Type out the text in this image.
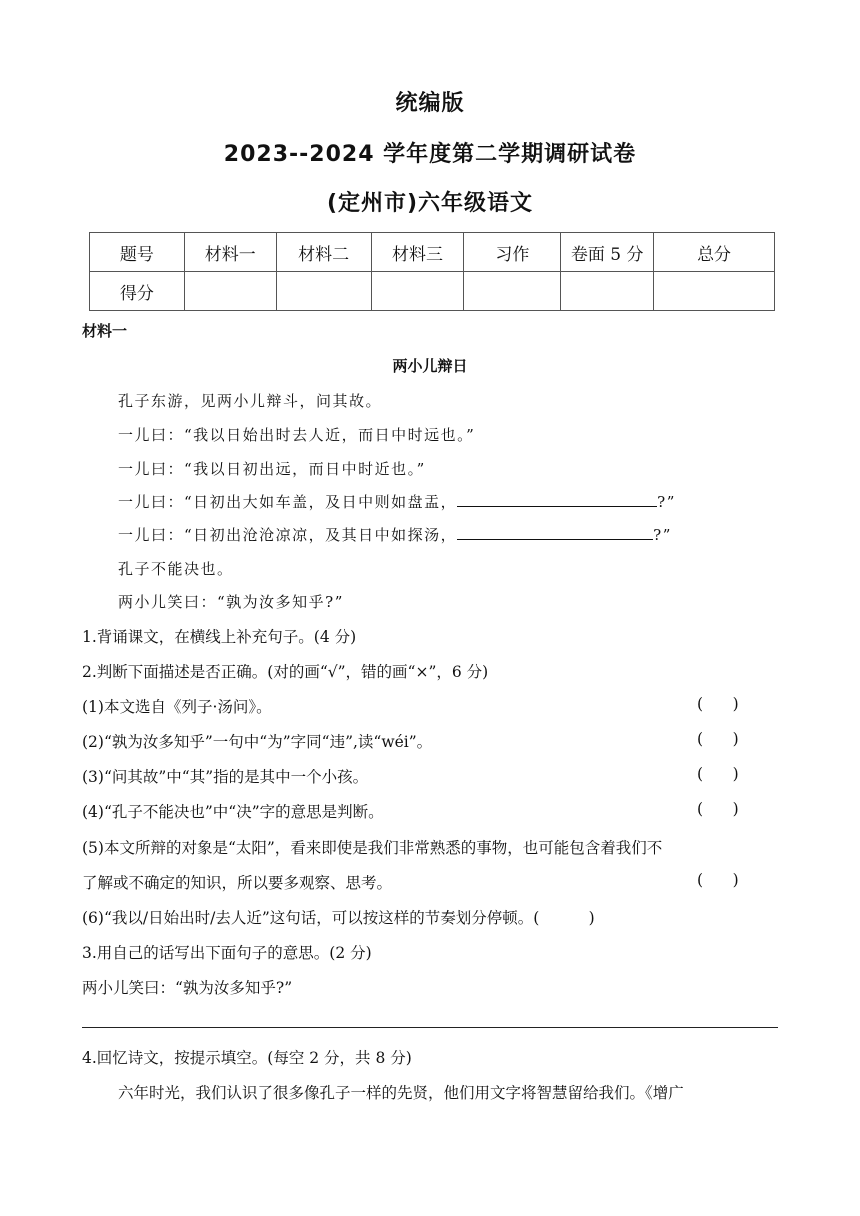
统编版
2023--2024 学年度第二学期调研试卷
(定州市)六年级语文
题号	材料一	材料二	材料三	习作	卷面 5 分	总分
得分						
材料一
两小儿辩日
孔子东游，见两小儿辩斗，问其故。
一儿曰：“我以日始出时去人近，而日中时远也。”
一儿曰：“我以日初出远，而日中时近也。”
一儿曰：“日初出大如车盖，及日中则如盘盂，	?”
一儿曰：“日初出沧沧凉凉，及其日中如探汤，	?”
孔子不能决也。
两小儿笑曰：“孰为汝多知乎?”
1.背诵课文，在横线上补充句子。(4 分)
2.判断下面描述是否正确。(对的画“√”，错的画“×”，6 分)
(1)本文选自《列子·汤问》。	( )
(2)“孰为汝多知乎”一句中“为”字同“违”,读“wéi”。	( )
(3)“问其故”中“其”指的是其中一个小孩。	( )
(4)“孔子不能决也”中“决”字的意思是判断。	( )
(5)本文所辩的对象是“太阳”，看来即使是我们非常熟悉的事物，也可能包含着我们不
了解或不确定的知识，所以要多观察、思考。	( )
(6)“我以/日始出时/去人近”这句话，可以按这样的节奏划分停顿。(	)
3.用自己的话写出下面句子的意思。(2 分)
两小儿笑曰：“孰为汝多知乎?”
4.回忆诗文，按提示填空。(每空 2 分，共 8 分)
六年时光，我们认识了很多像孔子一样的先贤，他们用文字将智慧留给我们。《增广
